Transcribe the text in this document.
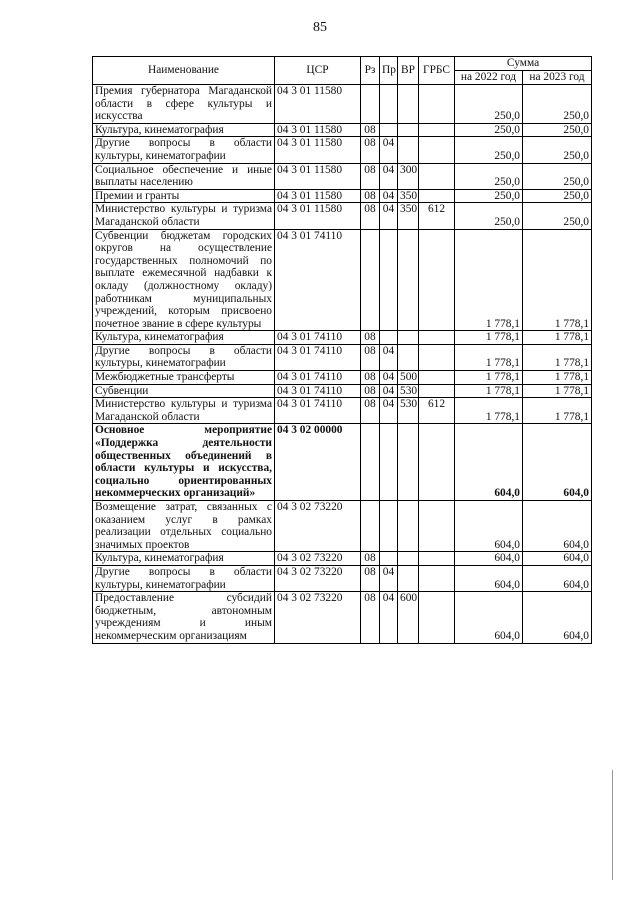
85
Наименование	ЦСР	Рз	Пр	ВР	ГРБС	Сумма	
						на 2022 год	на 2023 год
Премия губернатора Магаданской области в сфере культуры и искусства	04 3 01 11580					250,0	250,0
Культура, кинематография	04 3 01 11580	08				250,0	250,0
Другие вопросы в области культуры, кинематографии	04 3 01 11580	08	04			250,0	250,0
Социальное обеспечение и иные выплаты населению	04 3 01 11580	08	04	300		250,0	250,0
Премии и гранты	04 3 01 11580	08	04	350		250,0	250,0
Министерство культуры и туризма Магаданской области	04 3 01 11580	08	04	350	612	250,0	250,0
Субвенции бюджетам городских округов на осуществление государственных полномочий по выплате ежемесячной надбавки к окладу (должностному окладу) работникам муниципальных учреждений, которым присвоено почетное звание в сфере культуры	04 3 01 74110					1 778,1	1 778,1
Культура, кинематография	04 3 01 74110	08				1 778,1	1 778,1
Другие вопросы в области культуры, кинематографии	04 3 01 74110	08	04			1 778,1	1 778,1
Межбюджетные трансферты	04 3 01 74110	08	04	500		1 778,1	1 778,1
Субвенции	04 3 01 74110	08	04	530		1 778,1	1 778,1
Министерство культуры и туризма Магаданской области	04 3 01 74110	08	04	530	612	1 778,1	1 778,1
Основное мероприятие «Поддержка деятельности общественных объединений в области культуры и искусства, социально ориентированных некоммерческих организаций»	04 3 02 00000					604,0	604,0
Возмещение затрат, связанных с оказанием услуг в рамках реализации отдельных социально значимых проектов	04 3 02 73220					604,0	604,0
Культура, кинематография	04 3 02 73220	08				604,0	604,0
Другие вопросы в области культуры, кинематографии	04 3 02 73220	08	04			604,0	604,0
Предоставление субсидий бюджетным, автономным учреждениям и иным некоммерческим организациям	04 3 02 73220	08	04	600		604,0	604,0
